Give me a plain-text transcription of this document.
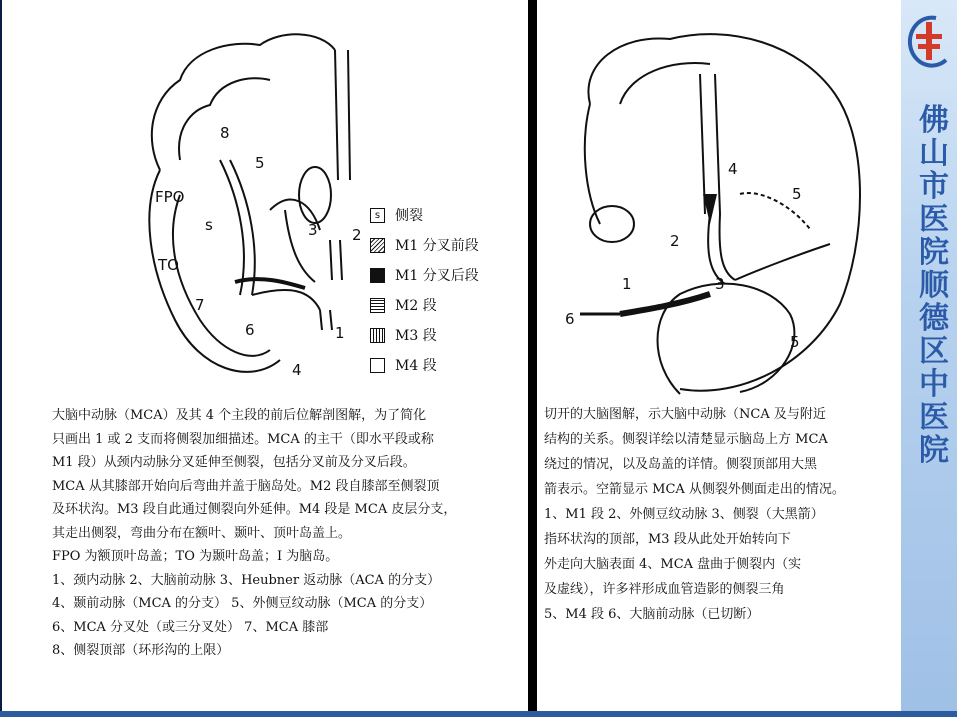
佛山市医院顺德区中医院
FPO
TO
s
8
5
3 2
7
6	1
4
s	侧裂
M1 分叉前段
M1 分叉后段
M2 段
M3 段
M4 段
4
5
2
1	3
6
5
大脑中动脉（MCA）及其 4 个主段的前后位解剖图解，为了简化
只画出 1 或 2 支而将侧裂加细描述。MCA 的主干（即水平段或称
M1 段）从颈内动脉分叉延伸至侧裂，包括分叉前及分叉后段。
MCA 从其膝部开始向后弯曲并盖于脑岛处。M2 段自膝部至侧裂顶
及环状沟。M3 段自此通过侧裂向外延伸。M4 段是 MCA 皮层分支，
其走出侧裂，弯曲分布在额叶、颞叶、顶叶岛盖上。
FPO 为额顶叶岛盖；TO 为颞叶岛盖；I 为脑岛。
1、颈内动脉 2、大脑前动脉 3、Heubner 返动脉（ACA 的分支）
4、颞前动脉（MCA 的分支） 5、外侧豆纹动脉（MCA 的分支）
6、MCA 分叉处（或三分叉处） 7、MCA 膝部
8、侧裂顶部（环形沟的上限）
切开的大脑图解，示大脑中动脉（NCA 及与附近
结构的关系。侧裂详绘以清楚显示脑岛上方 MCA
绕过的情况，以及岛盖的详情。侧裂顶部用大黑
箭表示。空箭显示 MCA 从侧裂外侧面走出的情况。
1、M1 段 2、外侧豆纹动脉 3、侧裂（大黑箭）
指环状沟的顶部，M3 段从此处开始转向下
外走向大脑表面 4、MCA 盘曲于侧裂内（实
及虚线），许多袢形成血管造影的侧裂三角
5、M4 段 6、大脑前动脉（已切断）
